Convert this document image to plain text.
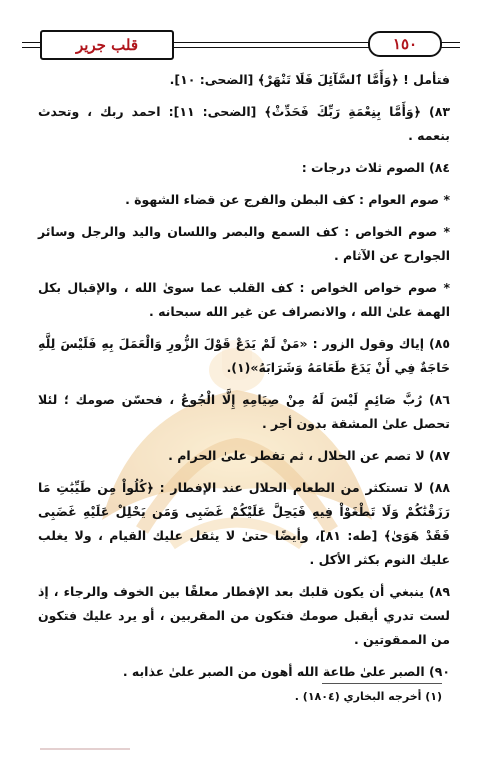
قلب جرير	١٥٠

فتأمل ! ﴿وَأَمَّا ٱلسَّآئِلَ فَلَا تَنْهَرْ﴾ [الضحى: ١٠].

٨٣) ﴿وَأَمَّا بِنِعْمَةِ رَبِّكَ فَحَدِّثْ﴾ [الضحى: ١١]: احمد ربك ، وتحدث بنعمه .

٨٤) الصوم ثلاث درجات :

* صوم العوام : كف البطن والفرج عن قضاء الشهوة .

* صوم الخواص : كف السمع والبصر واللسان واليد والرجل وسائر الجوارح عن الآثام .

* صوم خواص الخواص : كف القلب عما سوىٰ الله ، والإقبال بكل الهمة علىٰ الله ، والانصراف عن غير الله سبحانه .

٨٥) إياك وقول الزور : «مَنْ لَمْ يَدَعْ قَوْلَ الزُّورِ وَالْعَمَلَ بِهِ فَلَيْسَ لِلَّهِ حَاجَةٌ فِي أَنْ يَدَعَ طَعَامَهُ وَشَرَابَهُ»(١).

٨٦) رُبَّ صَائِمٍ لَيْسَ لَهُ مِنْ صِيَامِهِ إِلَّا الْجُوعُ ، فحسّن صومك ؛ لئلا تحصل علىٰ المشقة بدون أجر .

٨٧) لا تصم عن الحلال ، ثم تفطر علىٰ الحرام .

٨٨) لا تستكثر من الطعام الحلال عند الإفطار : ﴿كُلُواْ مِن طَيِّبَٰتِ مَا رَزَقْنَٰكُمْ وَلَا تَطْغَوْاْ فِيهِ فَيَحِلَّ عَلَيْكُمْ غَضَبِى وَمَن يَحْلِلْ عَلَيْهِ غَضَبِى فَقَدْ هَوَىٰ﴾ [طه: ٨١]، وأيضًا حتىٰ لا يثقل عليك القيام ، ولا يغلب عليك النوم بكثر الأكل .

٨٩) ينبغي أن يكون قلبك بعد الإفطار معلقًا بين الخوف والرجاء ، إذ لست تدري أيقبل صومك فتكون من المقربين ، أو يرد عليك فتكون من الممقوتين .

٩٠) الصبر علىٰ طاعة الله أهون من الصبر علىٰ عذابه .

(١) أخرجه البخاري (١٨٠٤) .
